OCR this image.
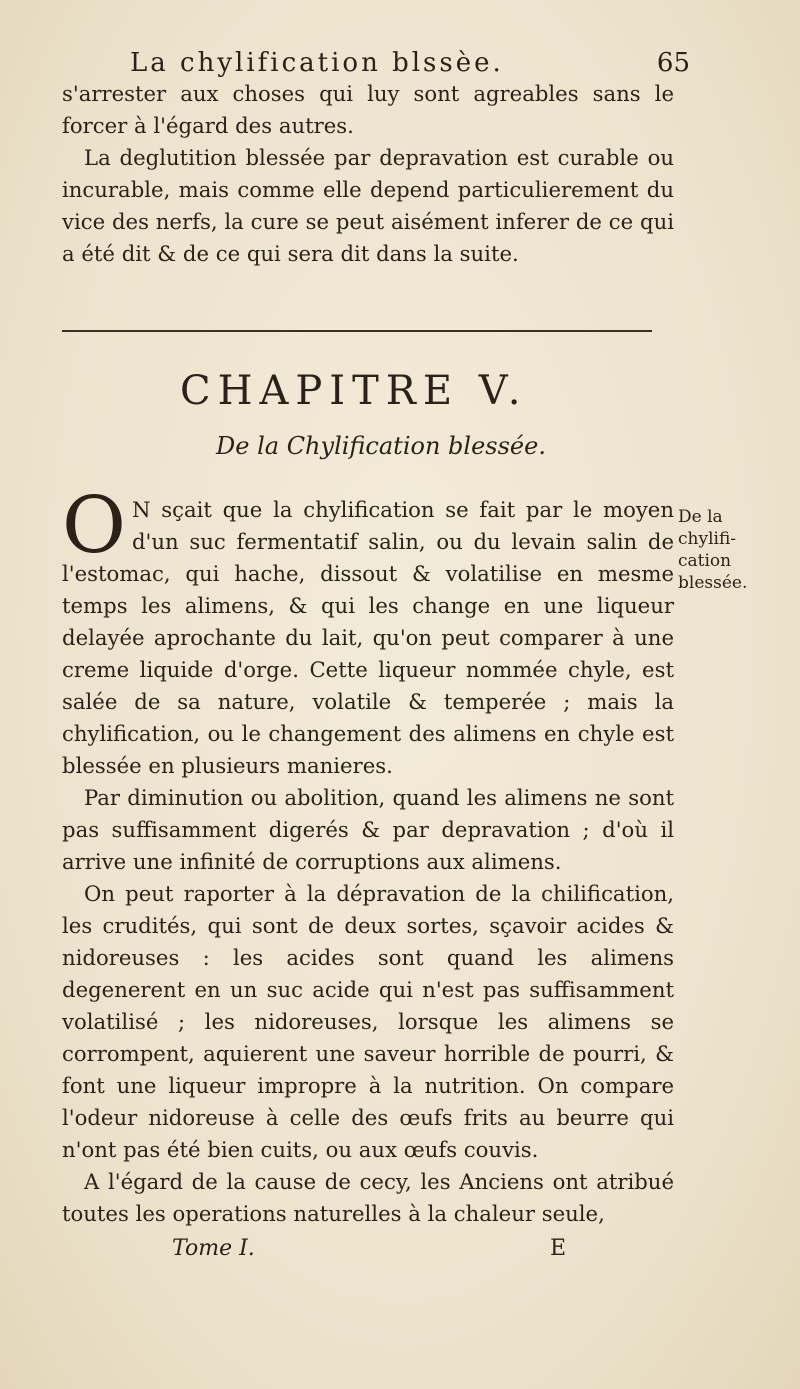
La chylification blssèe.	65

s'arrester aux choses qui luy sont agreables sans le forcer à l'égard des autres.

La deglutition blessée par depravation est curable ou incurable, mais comme elle depend particulierement du vice des nerfs, la cure se peut aisément inferer de ce qui a été dit & de ce qui sera dit dans la suite.

CHAPITRE V.
De la Chylification blessée.
De la
chylifi-
cation
blessée.

O N sçait que la chylification se fait par le moyen d'un suc fermentatif salin, ou du levain salin de l'estomac, qui hache, dissout & volatilise en mesme temps les alimens, & qui les change en une liqueur delayée aprochante du lait, qu'on peut comparer à une creme liquide d'orge. Cette liqueur nommée chyle, est salée de sa nature, volatile & temperée ; mais la chylification, ou le changement des alimens en chyle est blessée en plusieurs manieres.

Par diminution ou abolition, quand les alimens ne sont pas suffisamment digerés & par depravation ; d'où il arrive une infinité de corruptions aux alimens.

On peut raporter à la dépravation de la chilification, les crudités, qui sont de deux sortes, sçavoir acides & nidoreuses : les acides sont quand les alimens degenerent en un suc acide qui n'est pas suffisamment volatilisé ; les nidoreuses, lorsque les alimens se corrompent, aquierent une saveur horrible de pourri, & font une liqueur impropre à la nutrition. On compare l'odeur nidoreuse à celle des œufs frits au beurre qui n'ont pas été bien cuits, ou aux œufs couvis.

A l'égard de la cause de cecy, les Anciens ont atribué toutes les operations naturelles à la chaleur seule,

Tome I.	E
